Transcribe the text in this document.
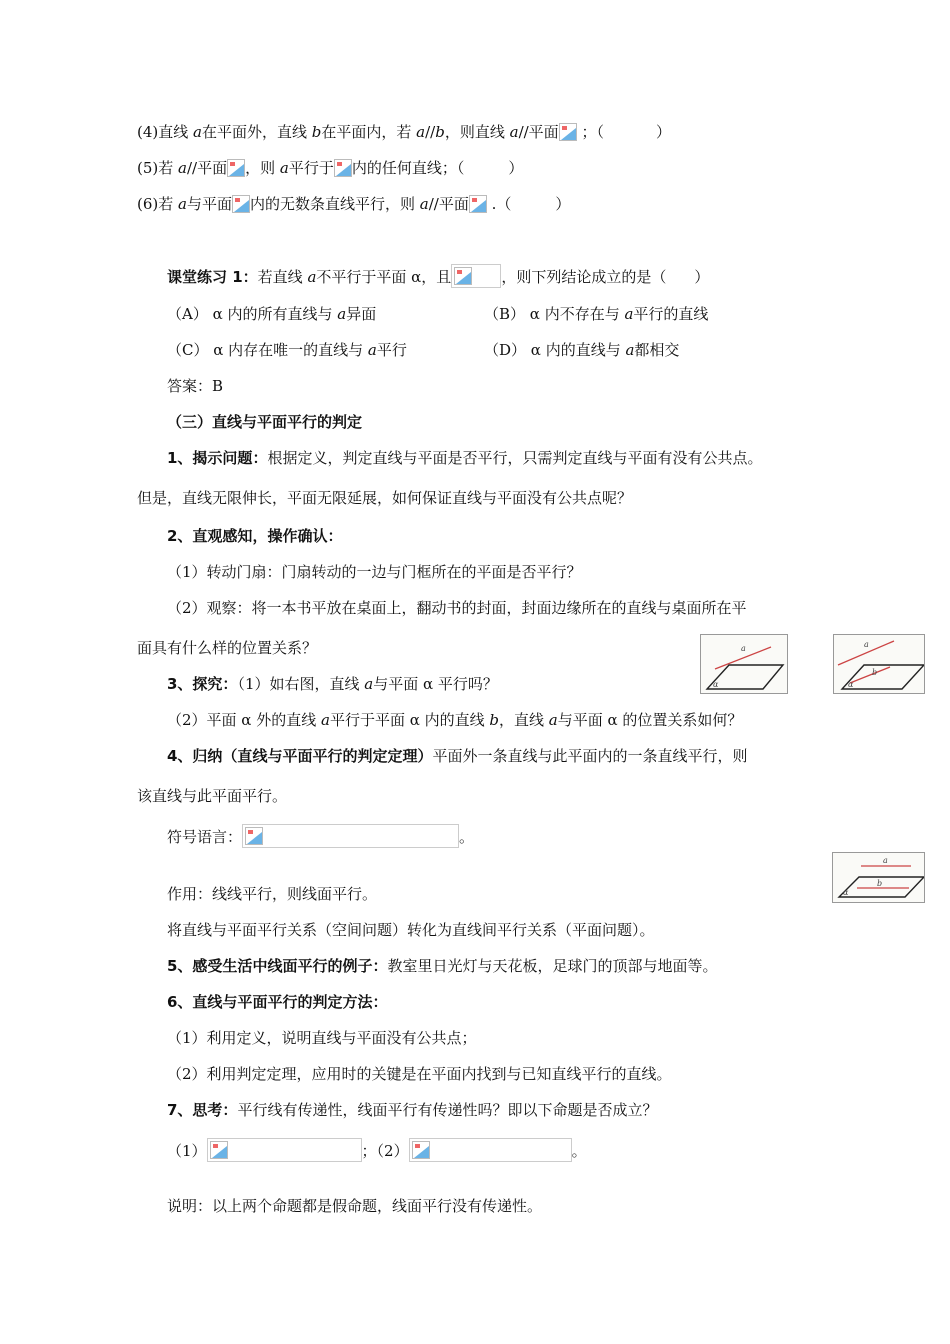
(4)直线 a在平面外，直线 b在平面内，若 a//b，则直线 a//平面 ；（	）
(5)若 a//平面 ，则 a平行于 内的任何直线；（	）
(6)若 a与平面 内的无数条直线平行，则 a//平面 .（	）
课堂练习 1：若直线 a不平行于平面 α，且	，则下列结论成立的是（ ）
（A） α 内的所有直线与 a异面	（B） α 内不存在与 a平行的直线
（C） α 内存在唯一的直线与 a平行	（D） α 内的直线与 a都相交
答案：B
（三）直线与平面平行的判定
1、揭示问题：根据定义，判定直线与平面是否平行，只需判定直线与平面有没有公共点。
但是，直线无限伸长，平面无限延展，如何保证直线与平面没有公共点呢？
2、直观感知，操作确认：
（1）转动门扇：门扇转动的一边与门框所在的平面是否平行？
（2）观察：将一本书平放在桌面上，翻动书的封面，封面边缘所在的直线与桌面所在平
面具有什么样的位置关系？
3、探究：（1）如右图，直线 a与平面 α 平行吗？
（2）平面 α 外的直线 a平行于平面 α 内的直线 b，直线 a与平面 α 的位置关系如何？
4、归纳（直线与平面平行的判定定理）平面外一条直线与此平面内的一条直线平行，则
该直线与此平面平行。
符号语言：	。
作用：线线平行，则线面平行。
将直线与平面平行关系（空间问题）转化为直线间平行关系（平面问题）。
5、感受生活中线面平行的例子：教室里日光灯与天花板，足球门的顶部与地面等。
6、直线与平面平行的判定方法：
（1）利用定义，说明直线与平面没有公共点；
（2）利用判定定理，应用时的关键是在平面内找到与已知直线平行的直线。
7、思考：平行线有传递性，线面平行有传递性吗？即以下命题是否成立？
（1）	；（2）	。
说明：以上两个命题都是假命题，线面平行没有传递性。
a
α
a
b
α
a
b
α
